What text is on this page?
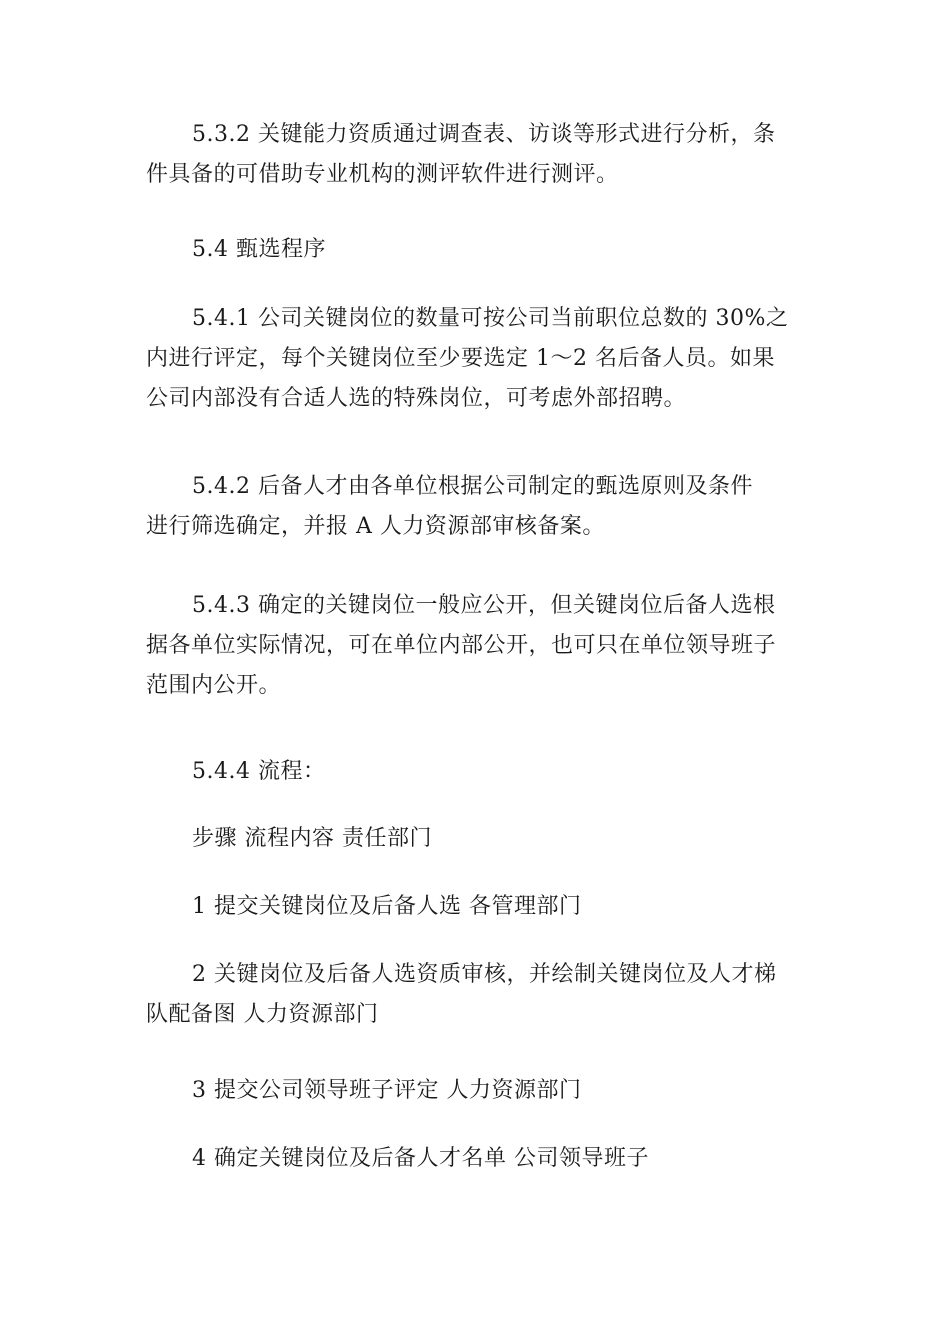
5.3.2 关键能力资质通过调查表、访谈等形式进行分析，条
件具备的可借助专业机构的测评软件进行测评。
5.4 甄选程序
5.4.1 公司关键岗位的数量可按公司当前职位总数的 30%之
内进行评定，每个关键岗位至少要选定 1～2 名后备人员。如果
公司内部没有合适人选的特殊岗位，可考虑外部招聘。
5.4.2 后备人才由各单位根据公司制定的甄选原则及条件
进行筛选确定，并报 A 人力资源部审核备案。
5.4.3 确定的关键岗位一般应公开，但关键岗位后备人选根
据各单位实际情况，可在单位内部公开，也可只在单位领导班子
范围内公开。
5.4.4 流程：
步骤 流程内容 责任部门
1 提交关键岗位及后备人选 各管理部门
2 关键岗位及后备人选资质审核，并绘制关键岗位及人才梯
队配备图 人力资源部门
3 提交公司领导班子评定 人力资源部门
4 确定关键岗位及后备人才名单 公司领导班子
